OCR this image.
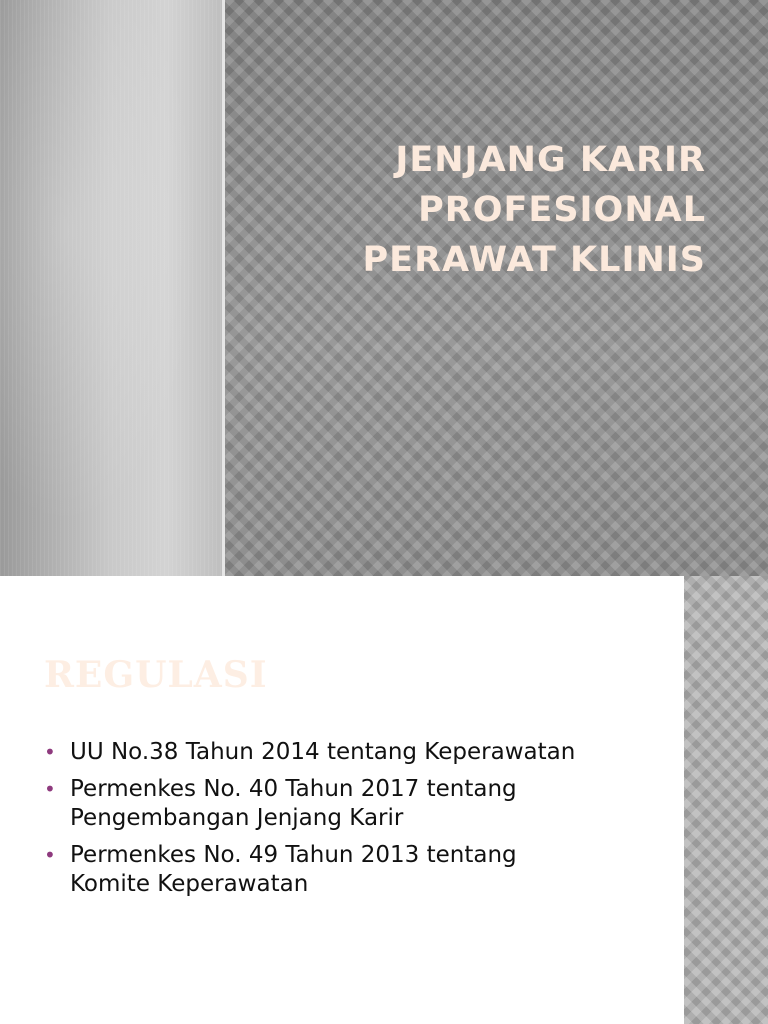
JENJANG KARIR
PROFESIONAL
PERAWAT KLINIS
REGULASI
• UU No.38 Tahun 2014 tentang Keperawatan
• Permenkes No. 40 Tahun 2017 tentang
Pengembangan Jenjang Karir
• Permenkes No. 49 Tahun 2013 tentang
Komite Keperawatan
